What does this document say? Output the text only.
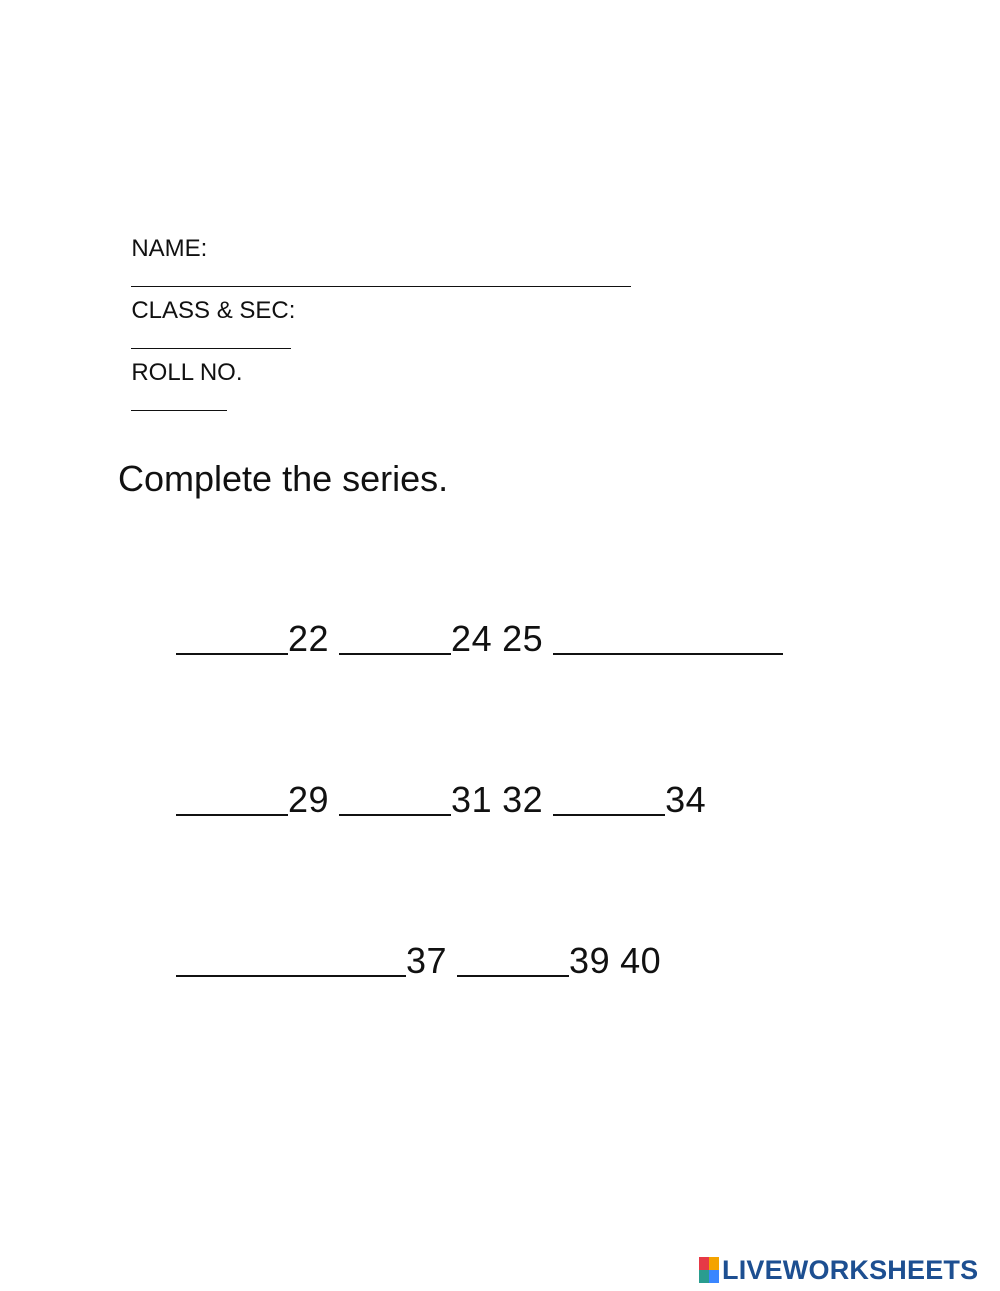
NAME:

CLASS & SEC:

ROLL NO.

Complete the series.
22	24 25
29	31 32	34
37	39 40
LIVEWORKSHEETS
